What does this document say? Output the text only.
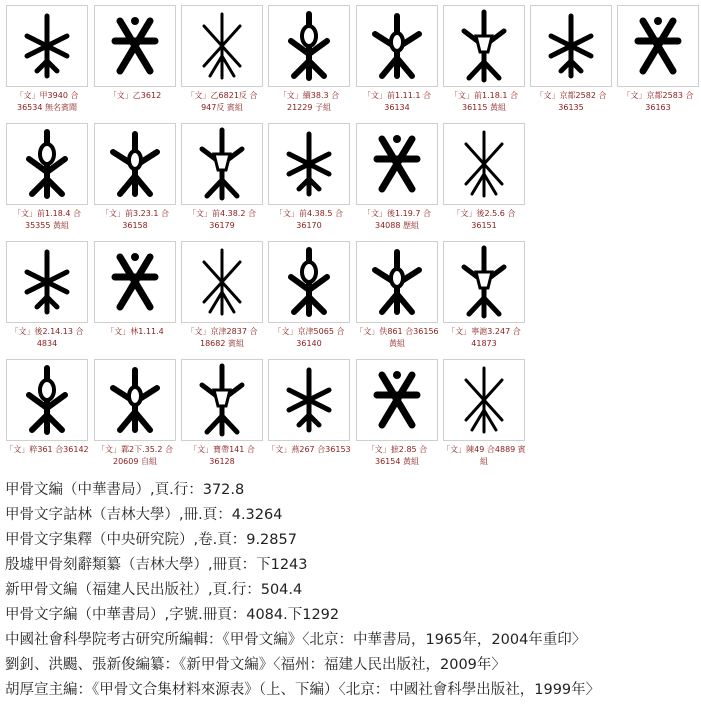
「文」甲3940 合36534 無名賓聞
「文」乙3612	「文」乙6821反 合947反 賓組
「文」續38.3 合21229 子組
「文」前1.11.1 合36134
「文」前1.18.1 合36115 黃組
「文」京都2582 合36135
「文」京都2583 合36163
「文」前1.18.4 合35355 黃組
「文」前3.23.1 合36158
「文」前4.38.2 合36179
「文」前4.38.5 合36170
「文」後1.19.7 合34088 歷組
「文」後2.5.6 合36151
「文」後2.14.13 合4834
「文」林1.11.4	「文」京津2837 合18682 賓組
「文」京津5065 合36140
「文」佚861 合36156 黃組
「文」寧滬3.247 合41873
「文」粹361 合36142	「文」鄴2下.35.2 合20609 自組
「文」寶帶141 合36128
「文」燕267 合36153	「文」摭2.85 合36154 黃組
「文」陳49 合4889 賓組
甲骨文編（中華書局）,頁.行：372.8
甲骨文字詁林（吉林大學）,冊.頁：4.3264
甲骨文字集釋（中央研究院）,卷.頁：9.2857
殷墟甲骨刻辭類纂（吉林大學）,冊頁：下1243
新甲骨文編（福建人民出版社）,頁.行：504.4
甲骨文字編（中華書局）,字號.冊頁：4084.下1292
中國社會科學院考古研究所編輯：《甲骨文編》〈北京：中華書局，1965年，2004年重印〉
劉釗、洪颺、張新俊編纂：《新甲骨文編》〈福州：福建人民出版社，2009年〉
胡厚宣主編：《甲骨文合集材料來源表》（上、下編）〈北京：中國社會科學出版社，1999年〉
